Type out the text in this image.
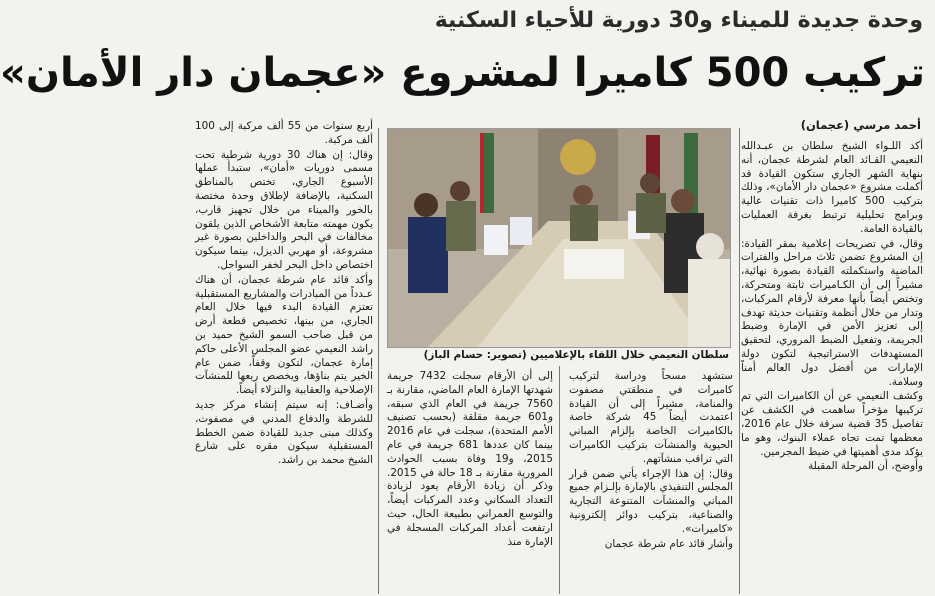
وحدة جديدة للميناء و30 دورية للأحياء السكنية
تركيب 500 كاميرا لمشروع «عجمان دار الأمان»
أحمد مرسي (عجمان)

أكد اللـواء الشيخ سلطان بن عبـدالله النعيمي القـائد العام لشرطة عجمان، أنه بنهاية الشهر الجاري ستكون القيادة قد أكملت مشروع «عجمان دار الأمان»، وذلك بتركيب 500 كاميرا ذات تقنيات عالية وبرامج تحليلية ترتبط بغرفة العمليات بالقيادة العامة.

وقال، في تصريحات إعلامية بمقر القيادة: إن المشروع تضمن ثلاث مراحل والفترات الماضية واستكملته القيادة بصورة نهائية، مشيراً إلى أن الكـاميرات ثابتة ومتحركة، وتختص أيضاً بأنها معرفة لأرقام المركبات، وتدار من خلال أنظمة وتقنيات حديثة تهدف إلى تعزيز الأمن في الإمارة وضبط الجريمة، وتفعيل الضبط المروري، لتحقيق المستهدفات الاستراتيجية لتكون دولة الإمارات من أفضل دول العالم أمناً وسلامة.

وكشف النعيمي عن أن الكاميرات التي تم تركيبها مؤخراً ساهمت في الكشف عن تفاصيل 35 قضية سرقة خلال عام 2016، معظمها تمت تجاه عملاء البنوك، وهو ما يؤكد مدى أهميتها في ضبط المجرمين.

وأوضح، أن المرحلة المقبلة

سلطان النعيمي خلال اللقاء بالإعلاميين (تصوير: حسام الباز)

ستشهد مسحاً ودراسة لتركيب كاميرات في منطقتي مصفوت والمنامة، مشيراً إلى أن القيادة اعتمدت أيضاً 45 شركة خاصة بالكاميرات الخاصة بإلزام المباني الحيوية والمنشآت بتركيب الكاميرات التي تراقب منشآتهم.

وقال: إن هذا الإجراء يأتي ضمن قرار المجلس التنفيذي بالإمارة بإلـزام جميع المباني والمنشآت المتنوعة التجارية والصناعية، بتركيب دوائر إلكترونية «كاميرات».

وأشار قائد عام شرطة عجمان

إلى أن الأرقام سجلت 7432 جريمة شهدتها الإمارة العام الماضي، مقارنة بـ 7560 جريمة في العام الذي سبقه، و601 جريمة مقلقة (بحسب تصنيف الأمم المتحدة)، سجلت في عام 2016 بينما كان عددها 681 جريمة في عام 2015، و19 وفاة بسبب الحوادث المرورية مقارنة بـ 18 حالة في 2015. وذكر أن زيادة الأرقام يعود لزيادة التعداد السكاني وعدد المركبات أيضاً، والتوسع العمراني بطبيعة الحال، حيث ارتفعت أعداد المركبات المسجلة في الإمارة منذ

أربع سنوات من 55 ألف مركبة إلى 100 ألف مركبة.

وقال: إن هناك 30 دورية شرطية تحت مسمى دوريات «أمان»، ستبدأ عملها الأسبوع الجاري، تختص بالمناطق السكنية، بالإضافة لإطلاق وحدة مختصة بالخور والميناء من خلال تجهيز قارب، يكون مهمته متابعة الأشخاص الذين يلقون مخالفات في البحر والداخلين بصورة غير مشروعة، أو مهربي الديزل، بينما سيكون اختصاص داخل البحر لخفر السواحل.

وأكد قائد عام شرطة عجمان، أن هناك عـدداً من المبادرات والمشاريع المستقبلية تعتزم القيادة البدء فيها خلال العام الجاري، من بينها، تخصيص قطعة أرض من قبل صاحب السمو الشيخ حميد بن راشد النعيمي عضو المجلس الأعلى حاكم إمارة عجمان، لتكون وقفاً، ضمن عام الخير يتم بناؤها، ويخصص ريعها للمنشآت الإصلاحية والعقابية والنزلاء أيضاً.

وأضـاف: إنه سيتم إنشاء مركز جديد للشرطة والدفاع المدني في مصفوت، وكذلك مبنى جديد للقيادة ضمن الخطط المستقبلية سيكون مقره على شارع الشيخ محمد بن راشد.
